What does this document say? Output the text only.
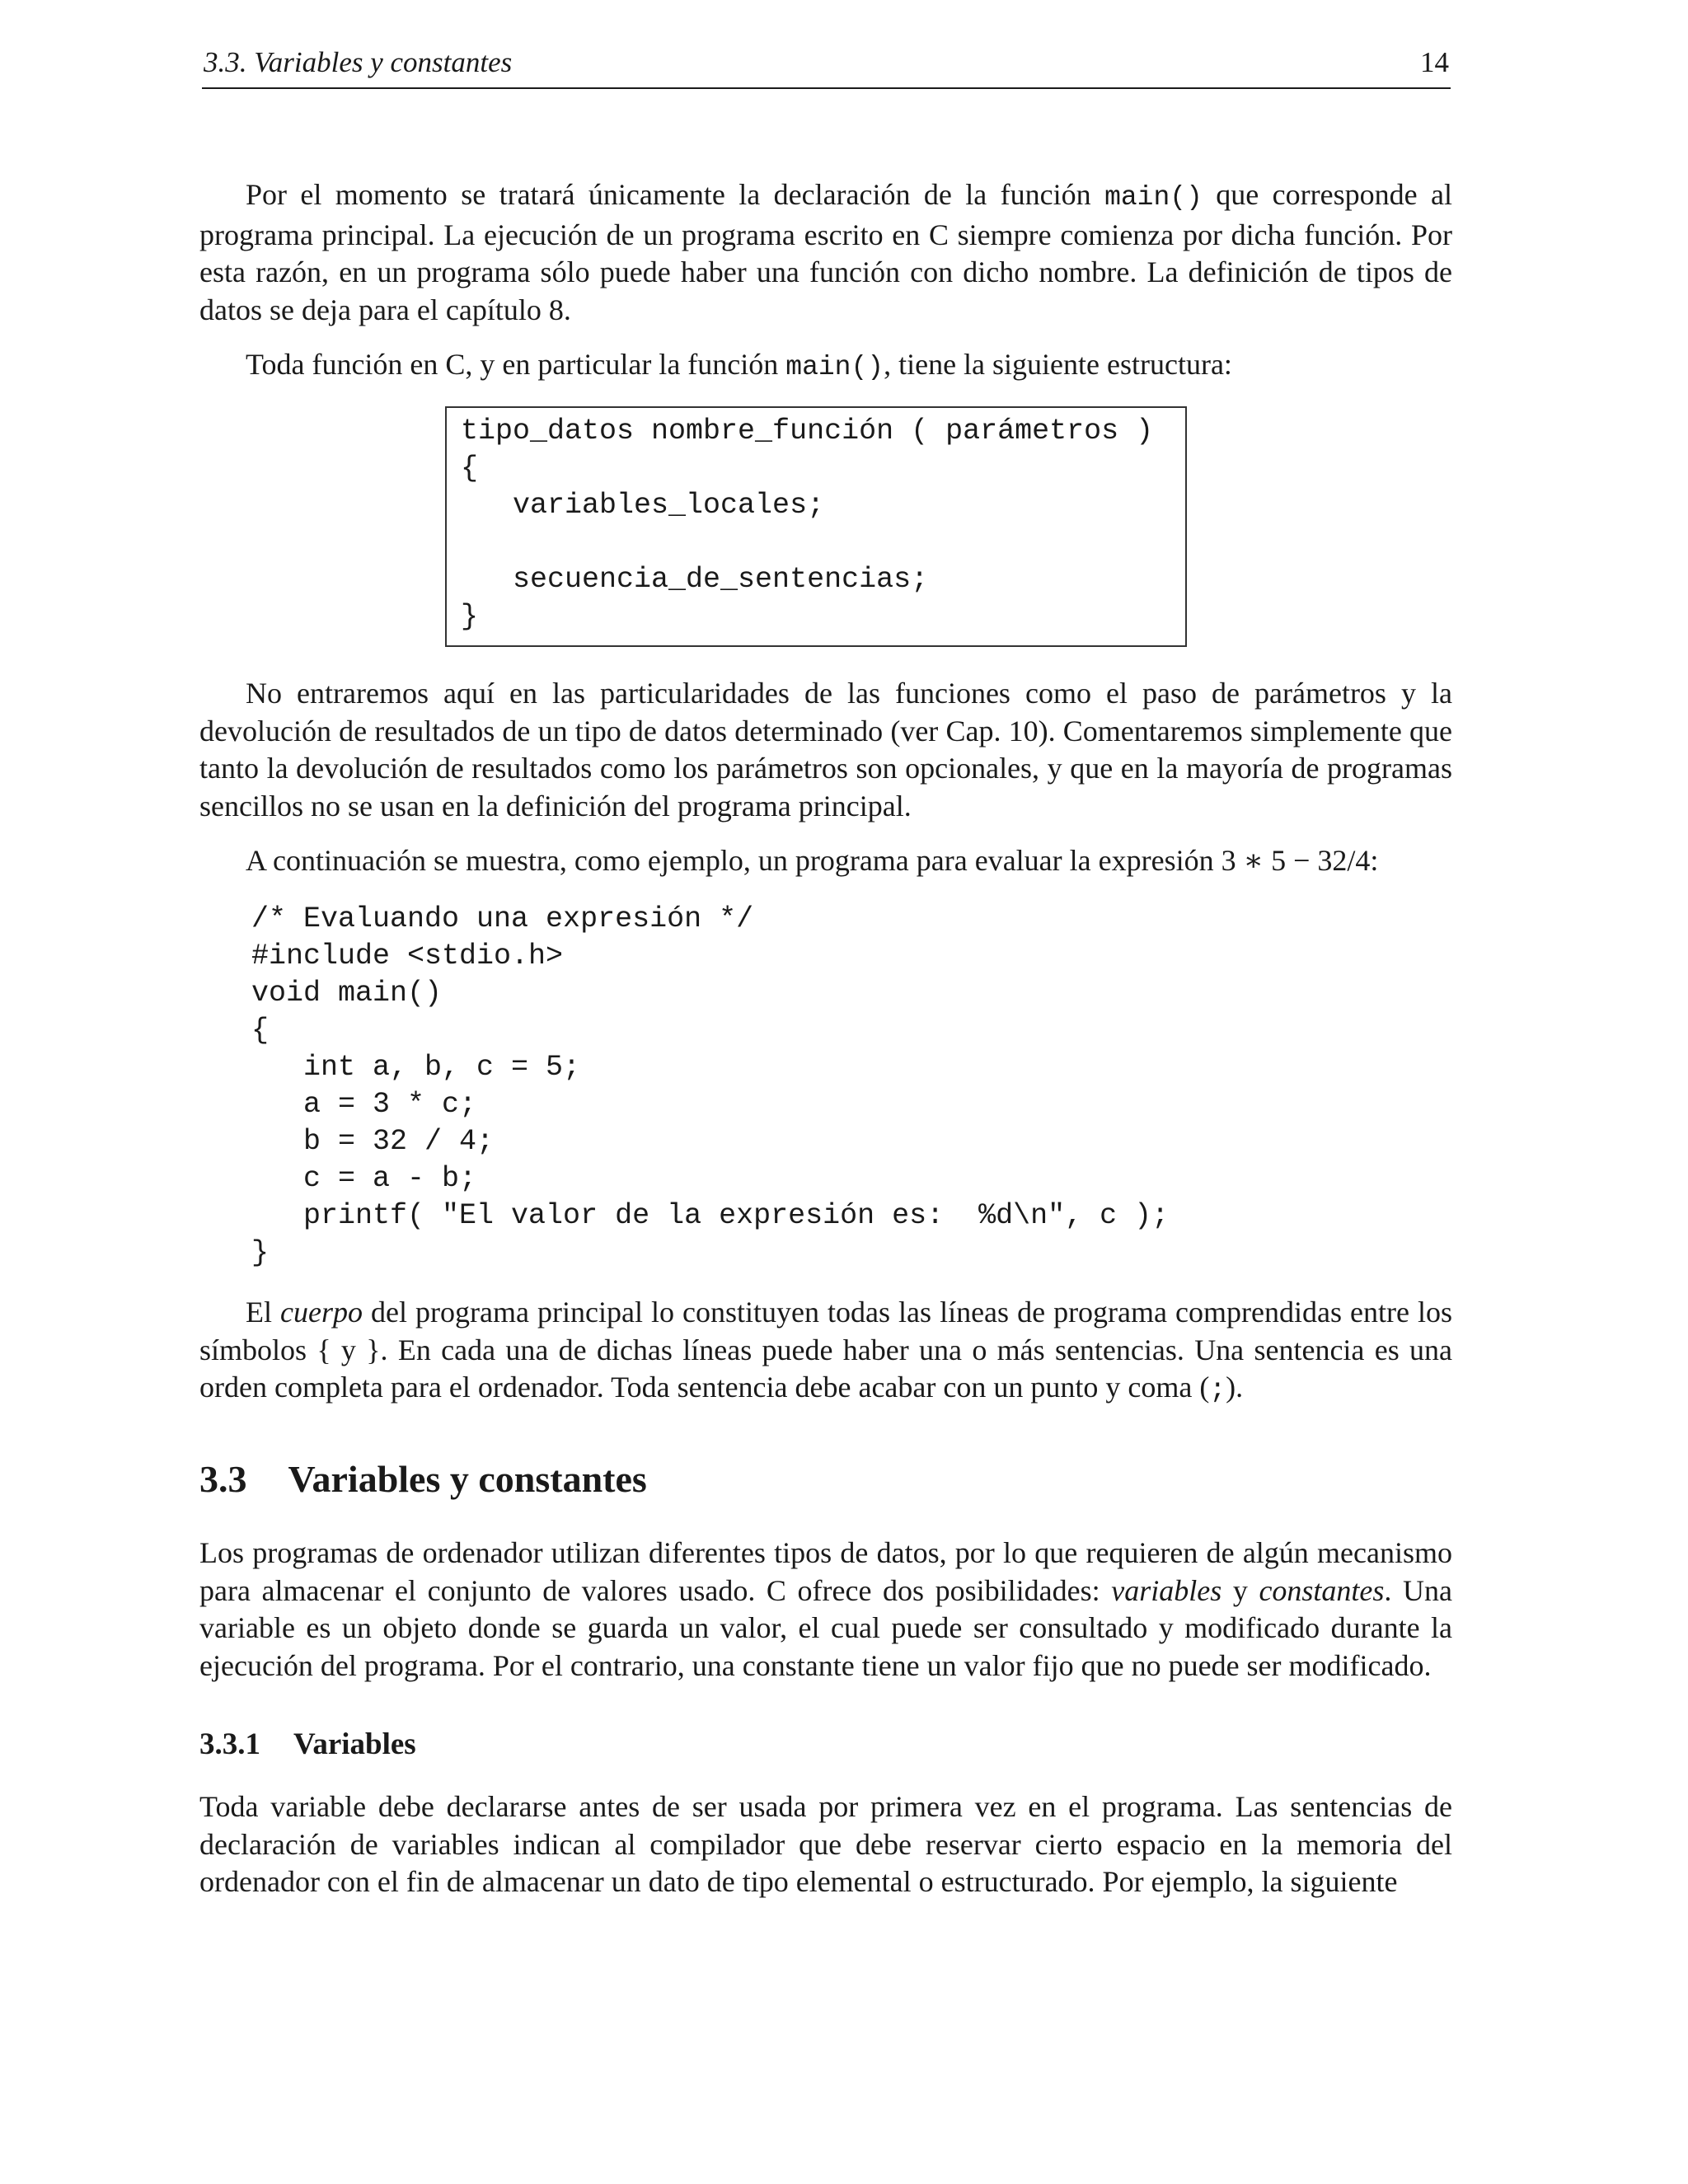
3.3. Variables y constantes	14

Por el momento se tratará únicamente la declaración de la función main() que corresponde al programa principal. La ejecución de un programa escrito en C siempre comienza por dicha función. Por esta razón, en un programa sólo puede haber una función con dicho nombre. La definición de tipos de datos se deja para el capítulo 8.

Toda función en C, y en particular la función main(), tiene la siguiente estructura:

tipo_datos nombre_función ( parámetros )
{
variables_locales;
secuencia_de_sentencias;
}

No entraremos aquí en las particularidades de las funciones como el paso de parámetros y la devolución de resultados de un tipo de datos determinado (ver Cap. 10). Comentaremos simplemente que tanto la devolución de resultados como los parámetros son opcionales, y que en la mayoría de programas sencillos no se usan en la definición del programa principal.

A continuación se muestra, como ejemplo, un programa para evaluar la expresión 3 ∗ 5 − 32/4:

/* Evaluando una expresión */
#include <stdio.h>
void main()
{
int a, b, c = 5;
a = 3 * c;
b = 32 / 4;
c = a - b;
printf( "El valor de la expresión es:  %d\n", c );
}

El cuerpo del programa principal lo constituyen todas las líneas de programa comprendidas entre los símbolos { y }. En cada una de dichas líneas puede haber una o más sentencias. Una sentencia es una orden completa para el ordenador. Toda sentencia debe acabar con un punto y coma (;).

3.3 Variables y constantes

Los programas de ordenador utilizan diferentes tipos de datos, por lo que requieren de algún mecanismo para almacenar el conjunto de valores usado. C ofrece dos posibilidades: variables y constantes. Una variable es un objeto donde se guarda un valor, el cual puede ser consultado y modificado durante la ejecución del programa. Por el contrario, una constante tiene un valor fijo que no puede ser modificado.

3.3.1 Variables

Toda variable debe declararse antes de ser usada por primera vez en el programa. Las sentencias de declaración de variables indican al compilador que debe reservar cierto espacio en la memoria del ordenador con el fin de almacenar un dato de tipo elemental o estructurado. Por ejemplo, la siguiente
